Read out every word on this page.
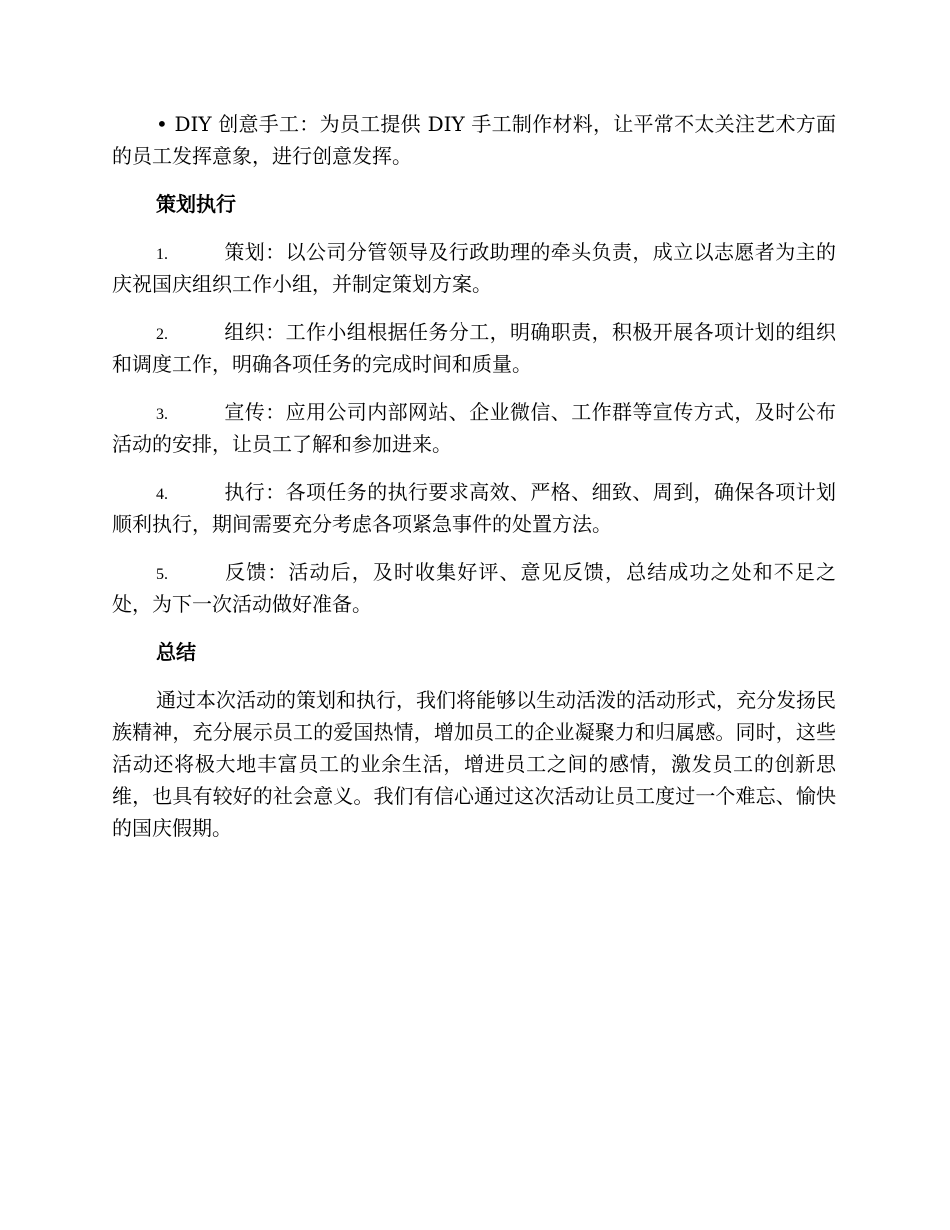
• DIY 创意手工：为员工提供 DIY 手工制作材料，让平常不太关注艺术方面的员工发挥意象，进行创意发挥。

策划执行

1.	策划：以公司分管领导及行政助理的牵头负责，成立以志愿者为主的庆祝国庆组织工作小组，并制定策划方案。

2.	组织：工作小组根据任务分工，明确职责，积极开展各项计划的组织和调度工作，明确各项任务的完成时间和质量。

3.	宣传：应用公司内部网站、企业微信、工作群等宣传方式，及时公布活动的安排，让员工了解和参加进来。

4.	执行：各项任务的执行要求高效、严格、细致、周到，确保各项计划顺利执行，期间需要充分考虑各项紧急事件的处置方法。

5.	反馈：活动后，及时收集好评、意见反馈，总结成功之处和不足之处，为下一次活动做好准备。

总结

通过本次活动的策划和执行，我们将能够以生动活泼的活动形式，充分发扬民族精神，充分展示员工的爱国热情，增加员工的企业凝聚力和归属感。同时，这些活动还将极大地丰富员工的业余生活，增进员工之间的感情，激发员工的创新思维，也具有较好的社会意义。我们有信心通过这次活动让员工度过一个难忘、愉快的国庆假期。
